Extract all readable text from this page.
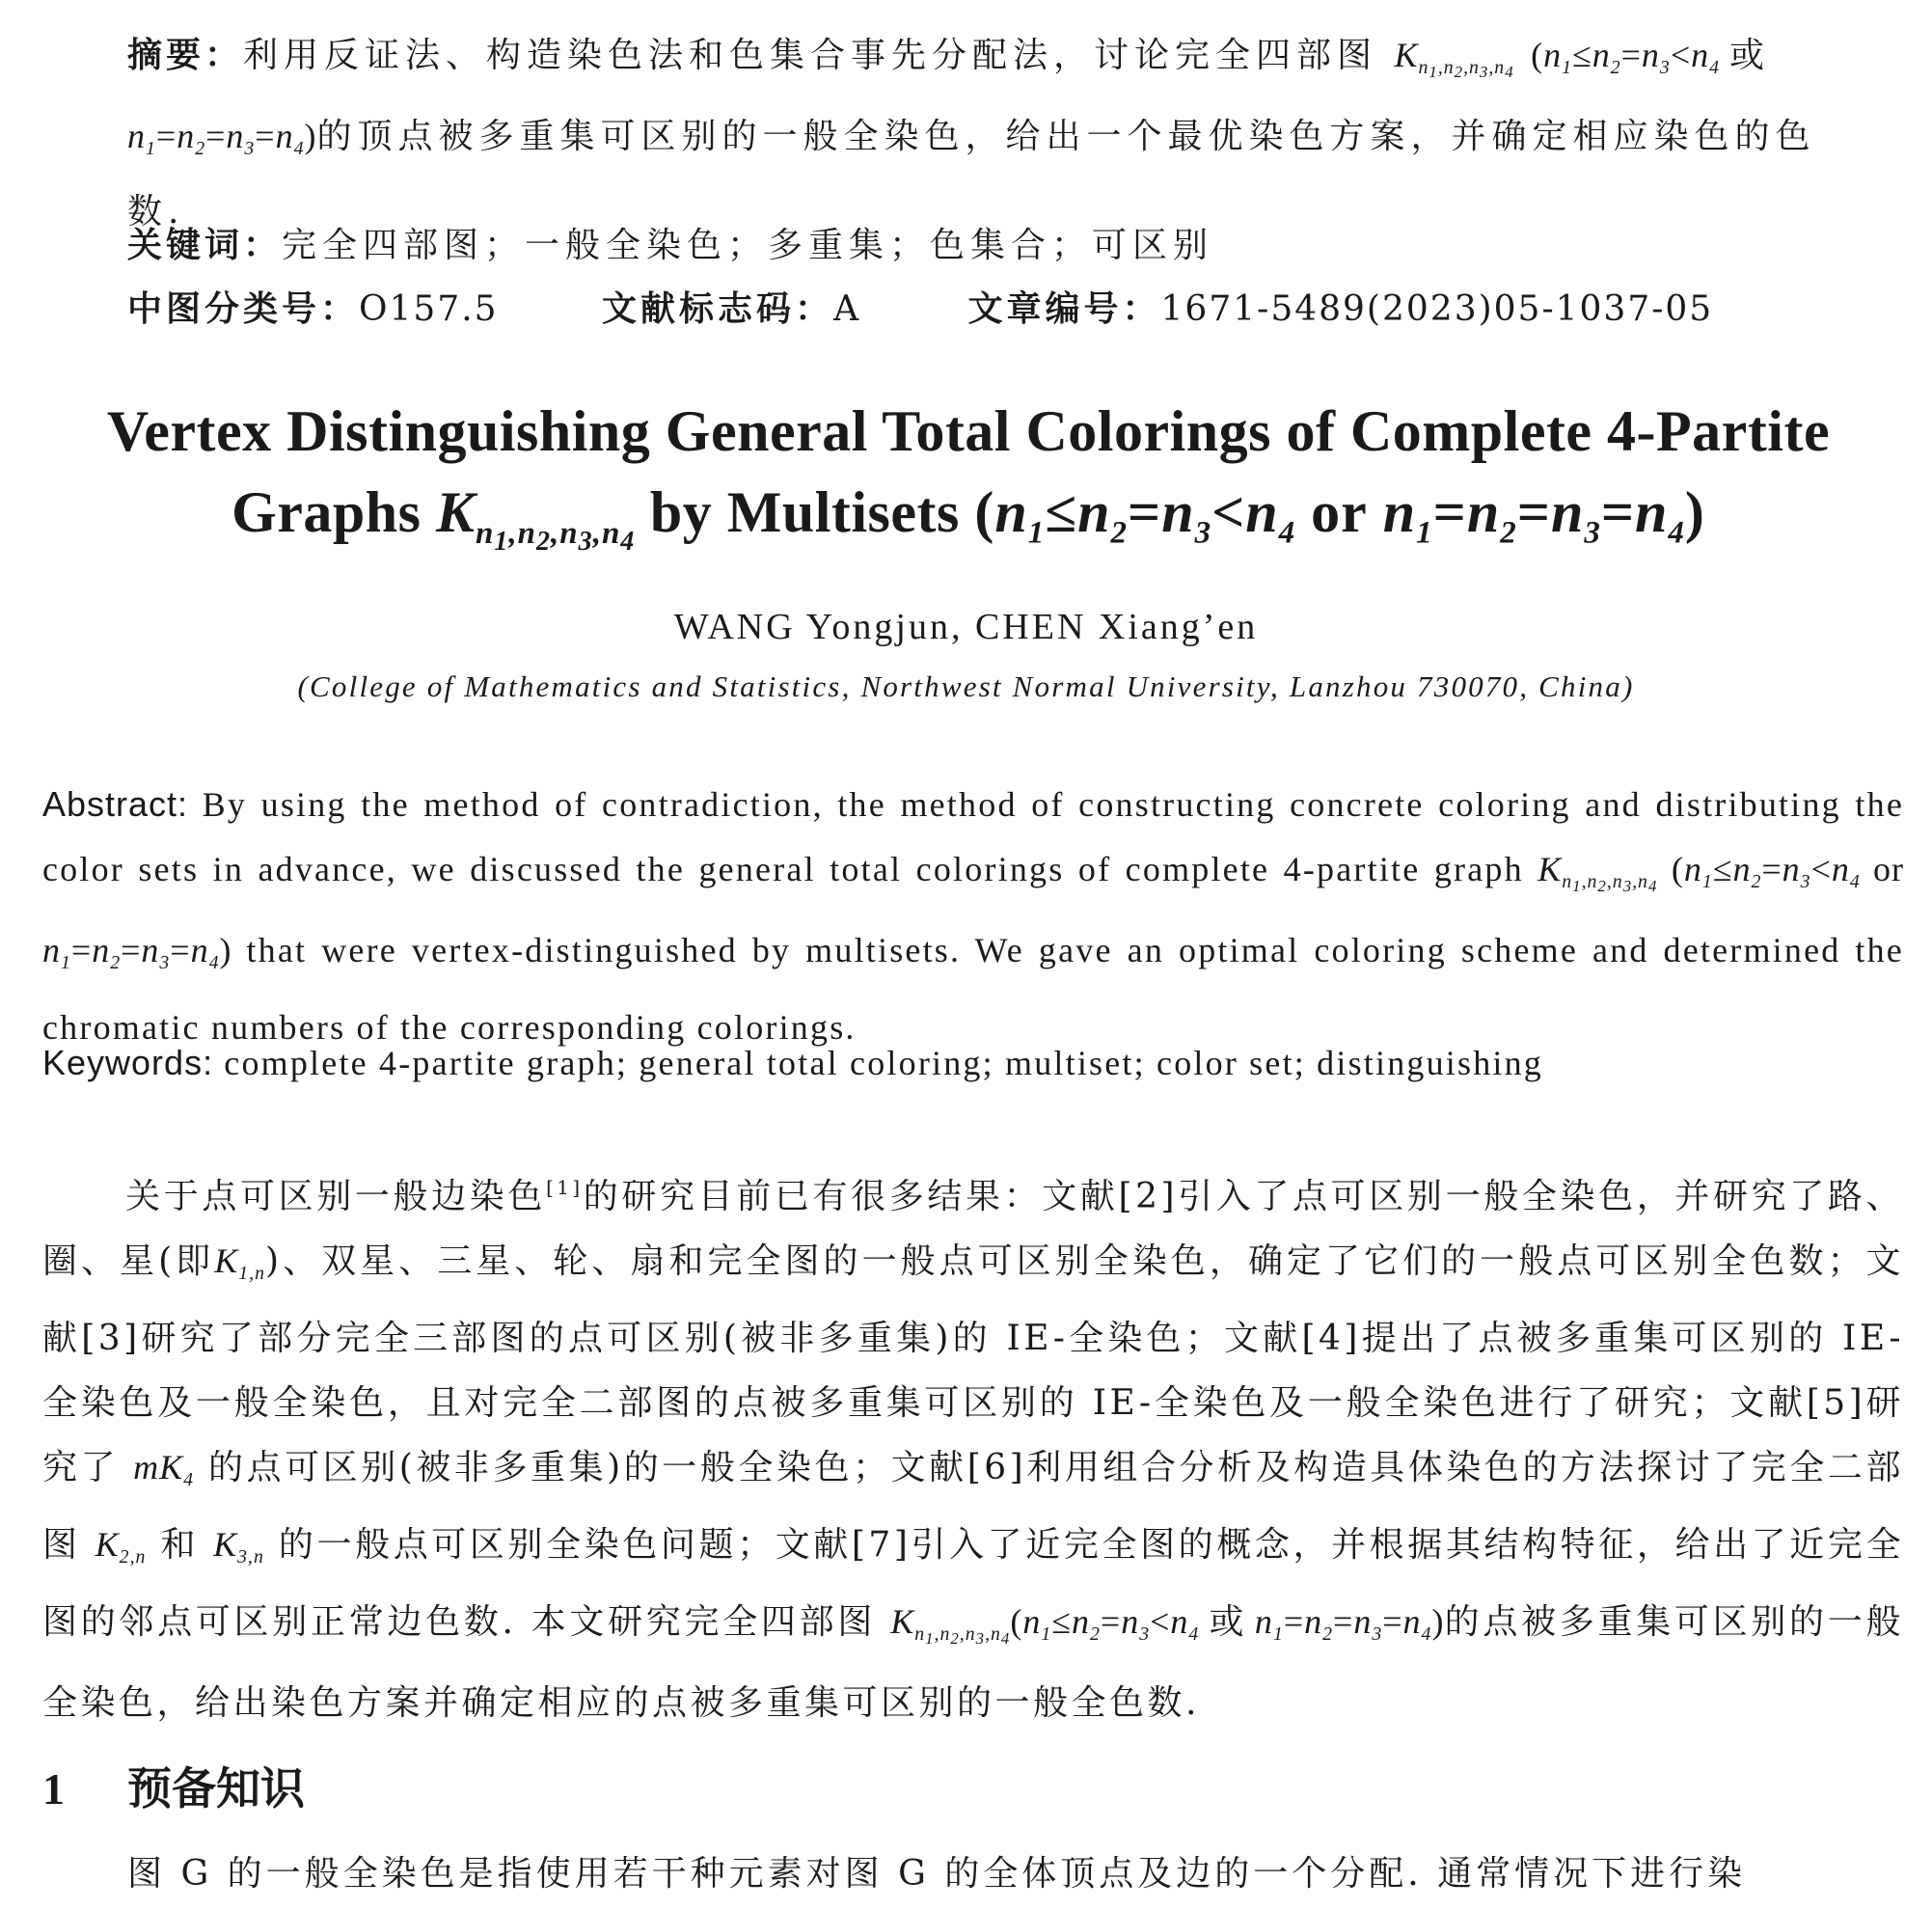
摘要：利用反证法、构造染色法和色集合事先分配法，讨论完全四部图 $K_{n_1,n_2,n_3,n_4}$ ($n_1\le n_2=n_3<n_4$ 或 $n_1=n_2=n_3=n_4$)的顶点被多重集可区别的一般全染色，给出一个最优染色方案，并确定相应染色的色数.
关键词：完全四部图；一般全染色；多重集；色集合；可区别
中图分类号：O157.5	文献标志码：A	文章编号：1671-5489(2023)05-1037-05
Vertex Distinguishing General Total Colorings of Complete 4-Partite
Graphs $K_{n_1,n_2,n_3,n_4}$ by Multisets ($n_1\le n_2=n_3<n_4$ or $n_1=n_2=n_3=n_4$)
WANG Yongjun, CHEN Xiang’en
(College of Mathematics and Statistics, Northwest Normal University, Lanzhou 730070, China)
Abstract: By using the method of contradiction, the method of constructing concrete coloring and distributing the color sets in advance, we discussed the general total colorings of complete 4-partite graph $K_{n_1,n_2,n_3,n_4}$ ($n_1\le n_2=n_3<n_4$ or $n_1=n_2=n_3=n_4$) that were vertex-distinguished by multisets. We gave an optimal coloring scheme and determined the chromatic numbers of the corresponding colorings.
Keywords: complete 4-partite graph; general total coloring; multiset; color set; distinguishing
关于点可区别一般边染色[1]的研究目前已有很多结果：文献[2]引入了点可区别一般全染色，并研究了路、圈、星(即$K_{1,n}$)、双星、三星、轮、扇和完全图的一般点可区别全染色，确定了它们的一般点可区别全色数；文献[3]研究了部分完全三部图的点可区别(被非多重集)的 IE-全染色；文献[4]提出了点被多重集可区别的 IE-全染色及一般全染色，且对完全二部图的点被多重集可区别的 IE-全染色及一般全染色进行了研究；文献[5]研究了 $mK_4$ 的点可区别(被非多重集)的一般全染色；文献[6]利用组合分析及构造具体染色的方法探讨了完全二部图 $K_{2,n}$ 和 $K_{3,n}$ 的一般点可区别全染色问题；文献[7]引入了近完全图的概念，并根据其结构特征，给出了近完全图的邻点可区别正常边色数. 本文研究完全四部图 $K_{n_1,n_2,n_3,n_4}(n_1\le n_2=n_3<n_4$ 或 $n_1=n_2=n_3=n_4$)的点被多重集可区别的一般全染色，给出染色方案并确定相应的点被多重集可区别的一般全色数.
1 预备知识
图 G 的一般全染色是指使用若干种元素对图 G 的全体顶点及边的一个分配. 通常情况下进行染
